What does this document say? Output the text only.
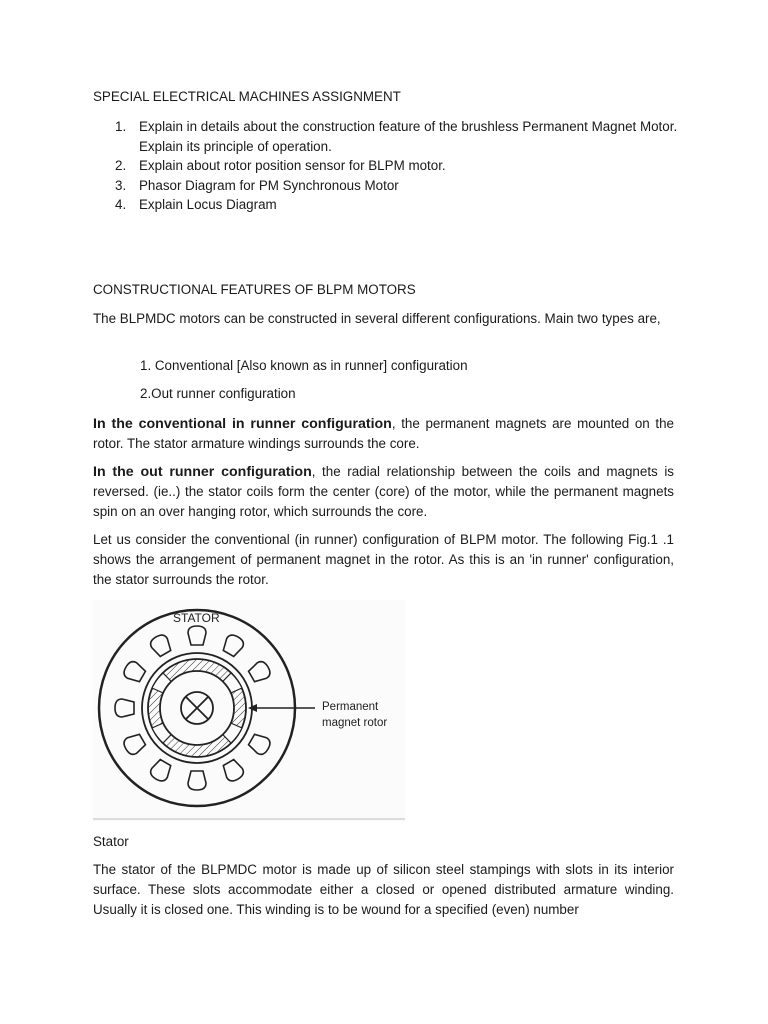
SPECIAL ELECTRICAL MACHINES ASSIGNMENT
1. Explain in details about the construction feature of the brushless Permanent Magnet Motor. Explain its principle of operation.
2. Explain about rotor position sensor for BLPM motor.
3. Phasor Diagram for PM Synchronous Motor
4. Explain Locus Diagram
CONSTRUCTIONAL FEATURES OF BLPM MOTORS
The BLPMDC motors can be constructed in several different configurations. Main two types are,
1. Conventional [Also known as in runner] configuration
2.Out runner configuration
In the conventional in runner configuration, the permanent magnets are mounted on the rotor. The stator armature windings surrounds the core.
In the out runner configuration, the radial relationship between the coils and magnets is reversed. (ie..) the stator coils form the center (core) of the motor, while the permanent magnets spin on an over hanging rotor, which surrounds the core.
Let us consider the conventional (in runner) configuration of BLPM motor. The following Fig.1 .1 shows the arrangement of permanent magnet in the rotor. As this is an 'in runner' configuration, the stator surrounds the rotor.
STATOR
Permanent
magnet rotor
Stator
The stator of the BLPMDC motor is made up of silicon steel stampings with slots in its interior surface. These slots accommodate either a closed or opened distributed armature winding. Usually it is closed one. This winding is to be wound for a specified (even) number
